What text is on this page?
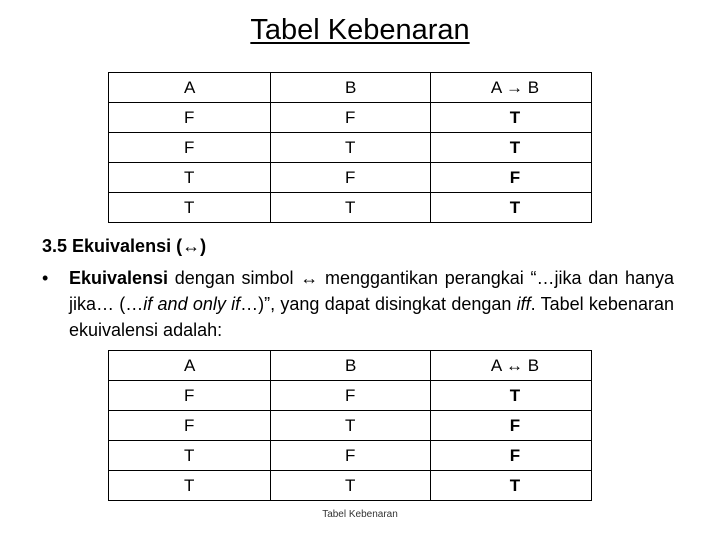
Tabel Kebenaran
A	B	A → B
F	F	T
F	T	T
T	F	F
T	T	T
3.5 Ekuivalensi (↔)
• Ekuivalensi dengan simbol ↔ menggantikan perangkai “…jika dan hanya jika… (…if and only if…)”, yang dapat disingkat dengan iff. Tabel kebenaran ekuivalensi adalah:
A	B	A ↔ B
F	F	T
F	T	F
T	F	F
T	T	T
Tabel Kebenaran
